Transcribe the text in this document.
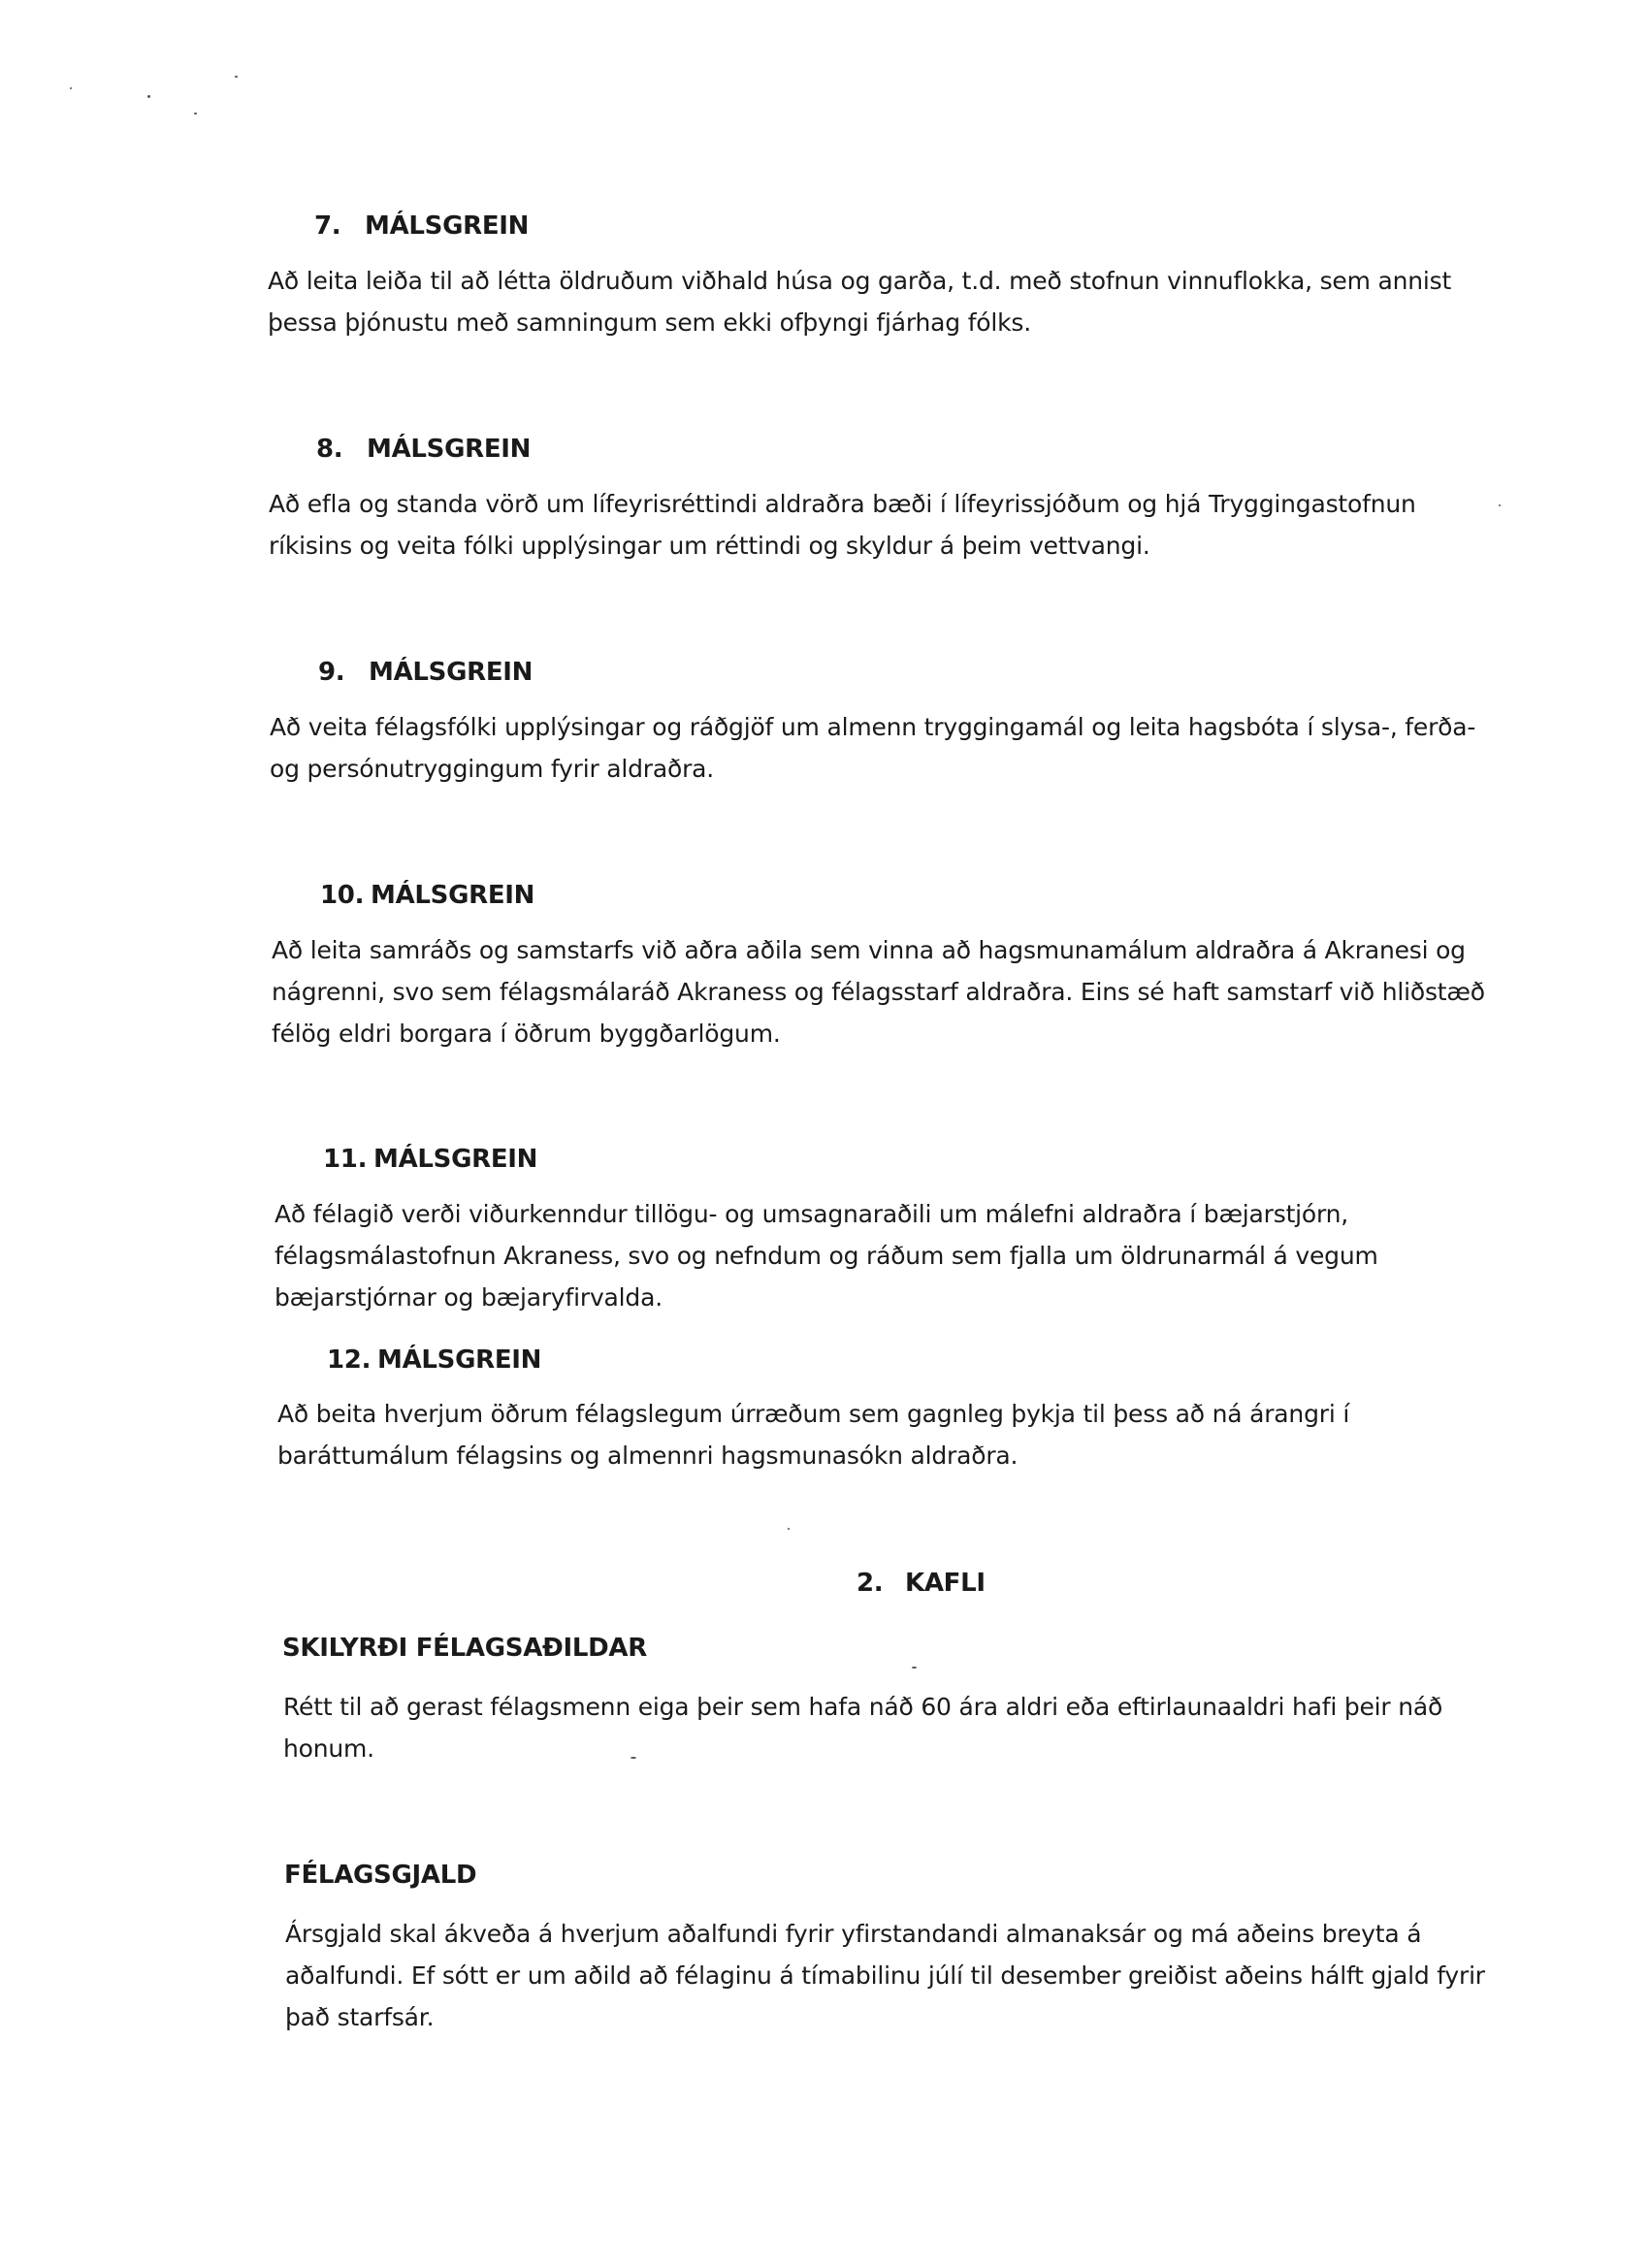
7. MÁLSGREIN
Að leita leiða til að létta öldruðum viðhald húsa og garða, t.d. með stofnun vinnuflokka, sem annist
þessa þjónustu með samningum sem ekki ofþyngi fjárhag fólks.
8. MÁLSGREIN
Að efla og standa vörð um lífeyrisréttindi aldraðra bæði í lífeyrissjóðum og hjá Tryggingastofnun
ríkisins og veita fólki upplýsingar um réttindi og skyldur á þeim vettvangi.
9. MÁLSGREIN
Að veita félagsfólki upplýsingar og ráðgjöf um almenn tryggingamál og leita hagsbóta í slysa-, ferða-
og persónutryggingum fyrir aldraðra.
10. MÁLSGREIN
Að leita samráðs og samstarfs við aðra aðila sem vinna að hagsmunamálum aldraðra á Akranesi og
nágrenni, svo sem félagsmálaráð Akraness og félagsstarf aldraðra. Eins sé haft samstarf við hliðstæð
félög eldri borgara í öðrum byggðarlögum.
11. MÁLSGREIN
Að félagið verði viðurkenndur tillögu- og umsagnaraðili um málefni aldraðra í bæjarstjórn,
félagsmálastofnun Akraness, svo og nefndum og ráðum sem fjalla um öldrunarmál á vegum
bæjarstjórnar og bæjaryfirvalda.
12. MÁLSGREIN
Að beita hverjum öðrum félagslegum úrræðum sem gagnleg þykja til þess að ná árangri í
baráttumálum félagsins og almennri hagsmunasókn aldraðra.
2. KAFLI
SKILYRÐI FÉLAGSAÐILDAR
Rétt til að gerast félagsmenn eiga þeir sem hafa náð 60 ára aldri eða eftirlaunaaldri hafi þeir náð
honum.
FÉLAGSGJALD
Ársgjald skal ákveða á hverjum aðalfundi fyrir yfirstandandi almanaksár og má aðeins breyta á
aðalfundi. Ef sótt er um aðild að félaginu á tímabilinu júlí til desember greiðist aðeins hálft gjald fyrir
það starfsár.
